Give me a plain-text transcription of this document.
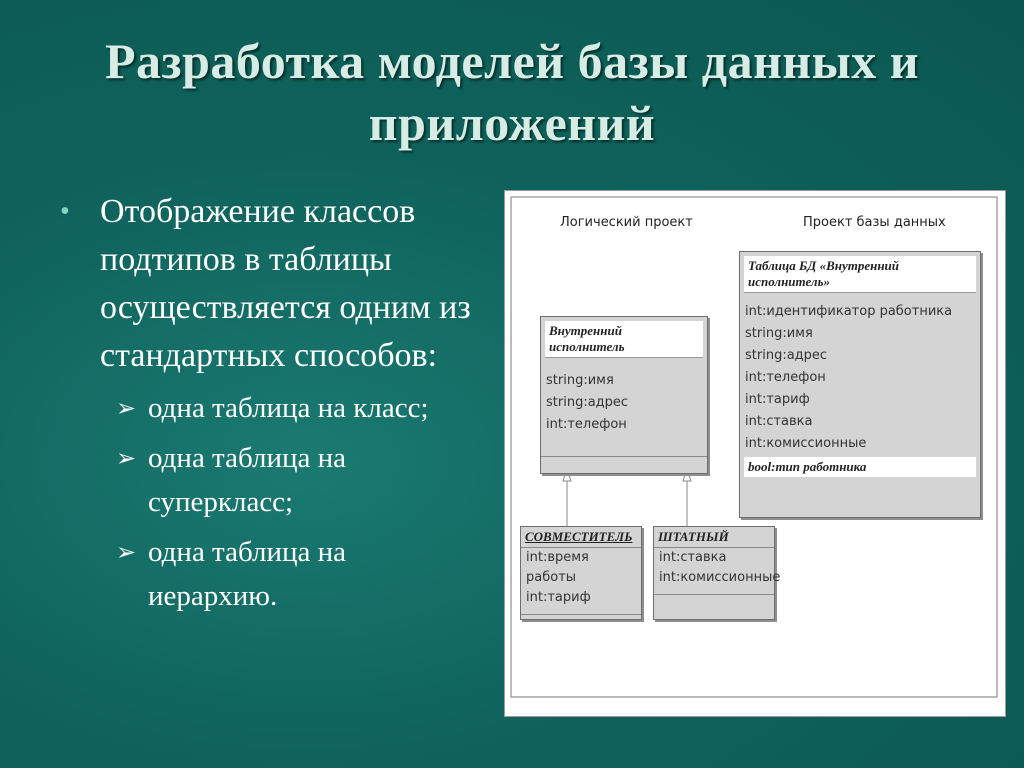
Разработка моделей базы данных и приложений
• Отображение классов подтипов в таблицы осуществляется одним из стандартных способов:
➢ одна таблица на класс;
➢ одна таблица на суперкласс;
➢ одна таблица на иерархию.
Логический проект	Проект базы данных
Внутренний исполнитель
string:имя
string:адрес
int:телефон
СОВМЕСТИТЕЛЬ
int:время работы
int:тариф
ШТАТНЫЙ
int:ставка
int:комиссионные
Таблица БД «Внутренний исполнитель»
int:идентификатор работника
string:имя
string:адрес
int:телефон
int:тариф
int:ставка
int:комиссионные
bool:тип работника
